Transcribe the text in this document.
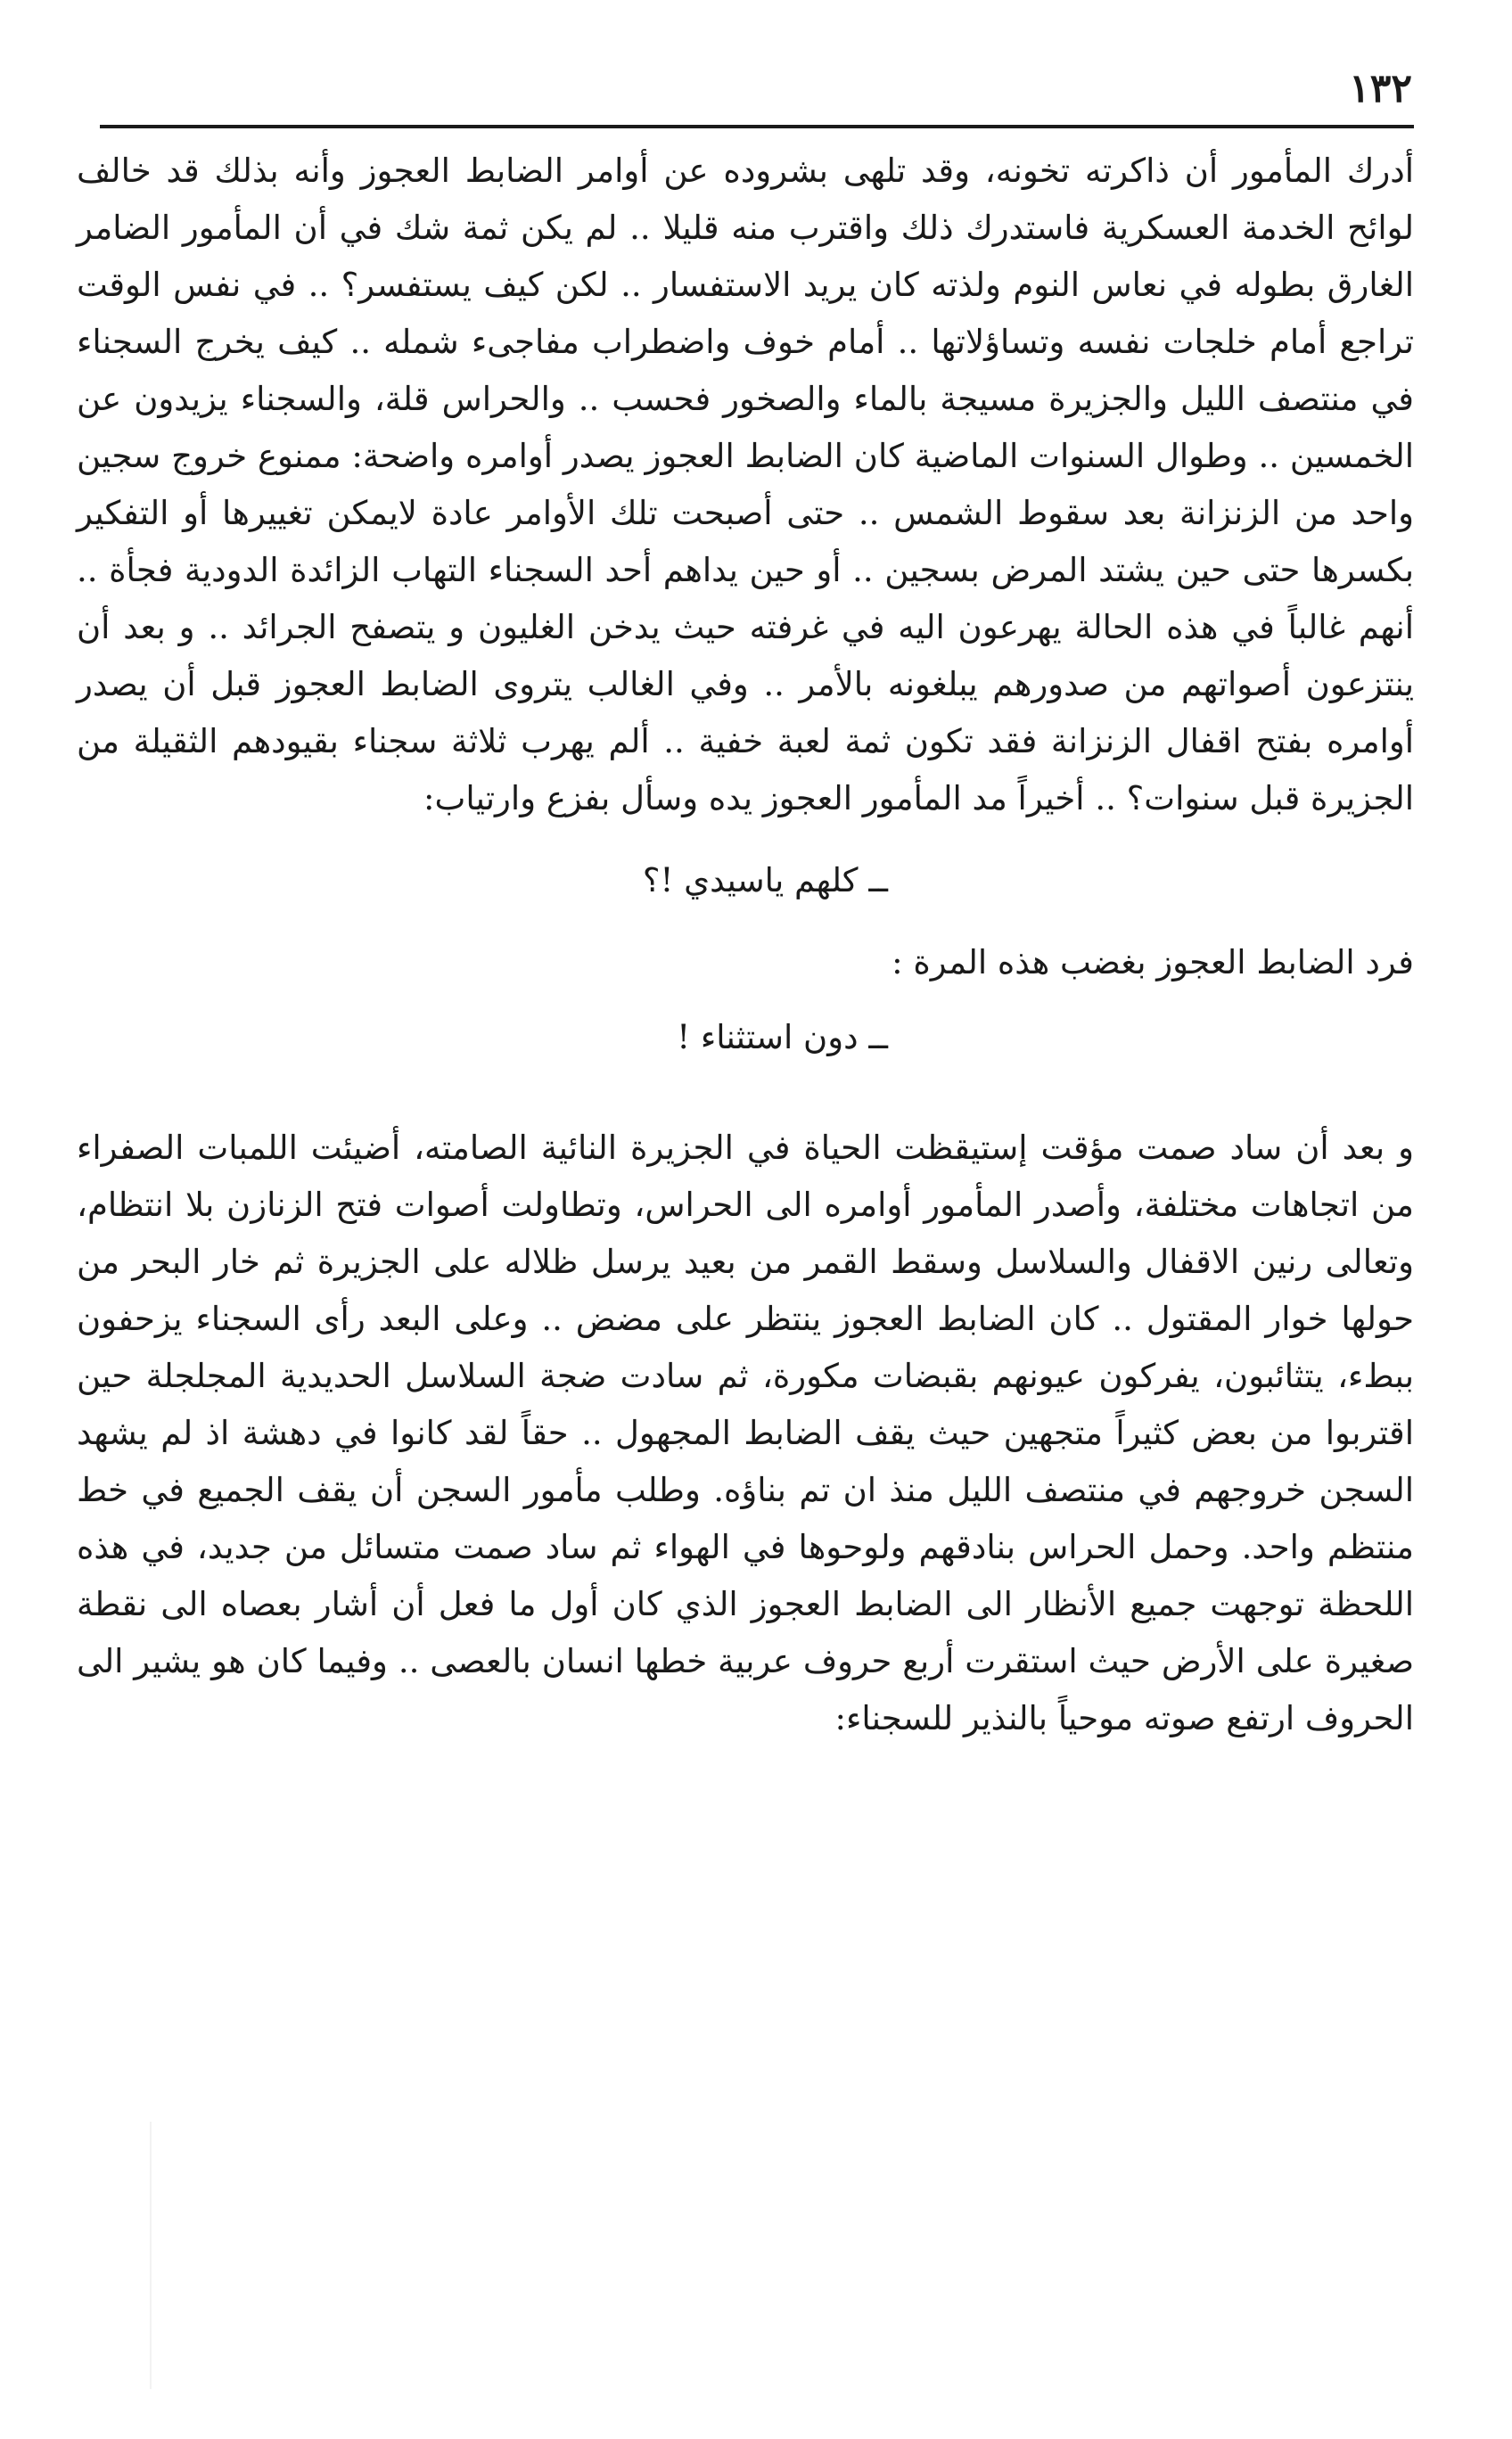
١٣٢

أدرك المأمور أن ذاكرته تخونه، وقد تلهى بشروده عن أوامر الضابط العجوز وأنه بذلك قد خالف لوائح الخدمة العسكرية فاستدرك ذلك واقترب منه قليلا .. لم يكن ثمة شك في أن المأمور الضامر الغارق بطوله في نعاس النوم ولذته كان يريد الاستفسار .. لكن كيف يستفسر؟ .. في نفس الوقت تراجع أمام خلجات نفسه وتساؤلاتها .. أمام خوف واضطراب مفاجىء شمله .. كيف يخرج السجناء في منتصف الليل والجزيرة مسيجة بالماء والصخور فحسب .. والحراس قلة، والسجناء يزيدون عن الخمسين .. وطوال السنوات الماضية كان الضابط العجوز يصدر أوامره واضحة: ممنوع خروج سجين واحد من الزنزانة بعد سقوط الشمس .. حتى أصبحت تلك الأوامر عادة لايمكن تغييرها أو التفكير بكسرها حتى حين يشتد المرض بسجين .. أو حين يداهم أحد السجناء التهاب الزائدة الدودية فجأة .. أنهم غالباً في هذه الحالة يهرعون اليه في غرفته حيث يدخن الغليون و يتصفح الجرائد .. و بعد أن ينتزعون أصواتهم من صدورهم يبلغونه بالأمر .. وفي الغالب يتروى الضابط العجوز قبل أن يصدر أوامره بفتح اقفال الزنزانة فقد تكون ثمة لعبة خفية .. ألم يهرب ثلاثة سجناء بقيودهم الثقيلة من الجزيرة قبل سنوات؟ .. أخيراً مد المأمور العجوز يده وسأل بفزع وارتياب:

ــ كلهم ياسيدي !؟

فرد الضابط العجوز بغضب هذه المرة :

ــ دون استثناء !

و بعد أن ساد صمت مؤقت إستيقظت الحياة في الجزيرة النائية الصامته، أضيئت اللمبات الصفراء من اتجاهات مختلفة، وأصدر المأمور أوامره الى الحراس، وتطاولت أصوات فتح الزنازن بلا انتظام، وتعالى رنين الاقفال والسلاسل وسقط القمر من بعيد يرسل ظلاله على الجزيرة ثم خار البحر من حولها خوار المقتول .. كان الضابط العجوز ينتظر على مضض .. وعلى البعد رأى السجناء يزحفون ببطء، يتثائبون، يفركون عيونهم بقبضات مكورة، ثم سادت ضجة السلاسل الحديدية المجلجلة حين اقتربوا من بعض كثيراً متجهين حيث يقف الضابط المجهول .. حقاً لقد كانوا في دهشة اذ لم يشهد السجن خروجهم في منتصف الليل منذ ان تم بناؤه. وطلب مأمور السجن أن يقف الجميع في خط منتظم واحد. وحمل الحراس بنادقهم ولوحوها في الهواء ثم ساد صمت متسائل من جديد، في هذه اللحظة توجهت جميع الأنظار الى الضابط العجوز الذي كان أول ما فعل أن أشار بعصاه الى نقطة صغيرة على الأرض حيث استقرت أربع حروف عربية خطها انسان بالعصى .. وفيما كان هو يشير الى الحروف ارتفع صوته موحياً بالنذير للسجناء:
